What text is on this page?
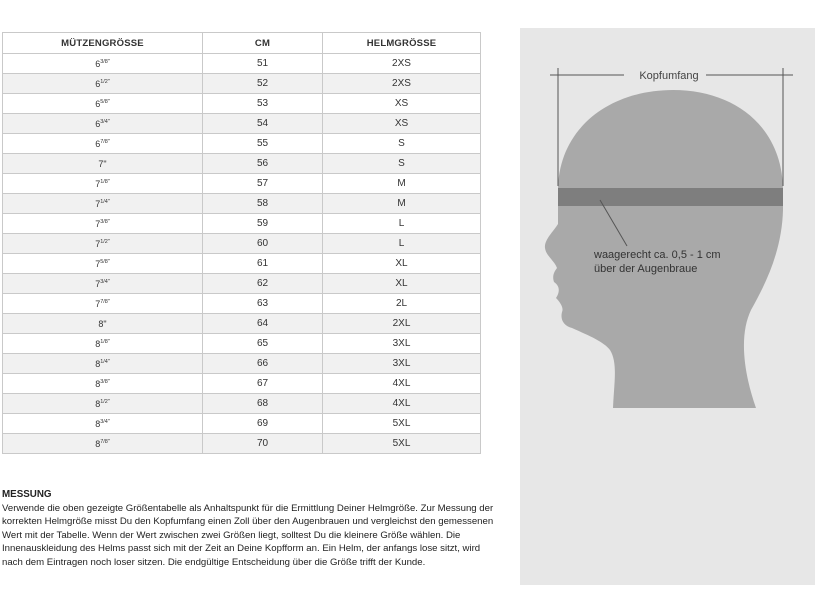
MÜTZENGRÖSSE	CM	HELMGRÖSSE
$6^{3/8"}$	51	2XS
$6^{1/2"}$	52	2XS
$6^{5/8"}$	53	XS
$6^{3/4"}$	54	XS
$6^{7/8"}$	55	S
7"	56	S
$7^{1/8"}$	57	M
$7^{1/4"}$	58	M
$7^{3/8"}$	59	L
$7^{1/2"}$	60	L
$7^{5/8"}$	61	XL
$7^{3/4"}$	62	XL
$7^{7/8"}$	63	2L
8"	64	2XL
$8^{1/8"}$	65	3XL
$8^{1/4"}$	66	3XL
$8^{3/8"}$	67	4XL
$8^{1/2"}$	68	4XL
$8^{3/4"}$	69	5XL
$8^{7/8"}$	70	5XL
MESSUNG

Verwende die oben gezeigte Größentabelle als Anhaltspunkt für die Ermittlung Deiner Helmgröße. Zur Messung der korrekten Helmgröße misst Du den Kopfumfang einen Zoll über den Augenbrauen und vergleichst den gemessenen Wert mit der Tabelle. Wenn der Wert zwischen zwei Größen liegt, solltest Du die kleinere Größe wählen. Die Innenauskleidung des Helms passt sich mit der Zeit an Deine Kopfform an. Ein Helm, der anfangs lose sitzt, wird nach dem Eintragen noch loser sitzen. Die endgültige Entscheidung über die Größe trifft der Kunde.

Kopfumfang
waagerecht ca. 0,5 - 1 cm
über der Augenbraue
